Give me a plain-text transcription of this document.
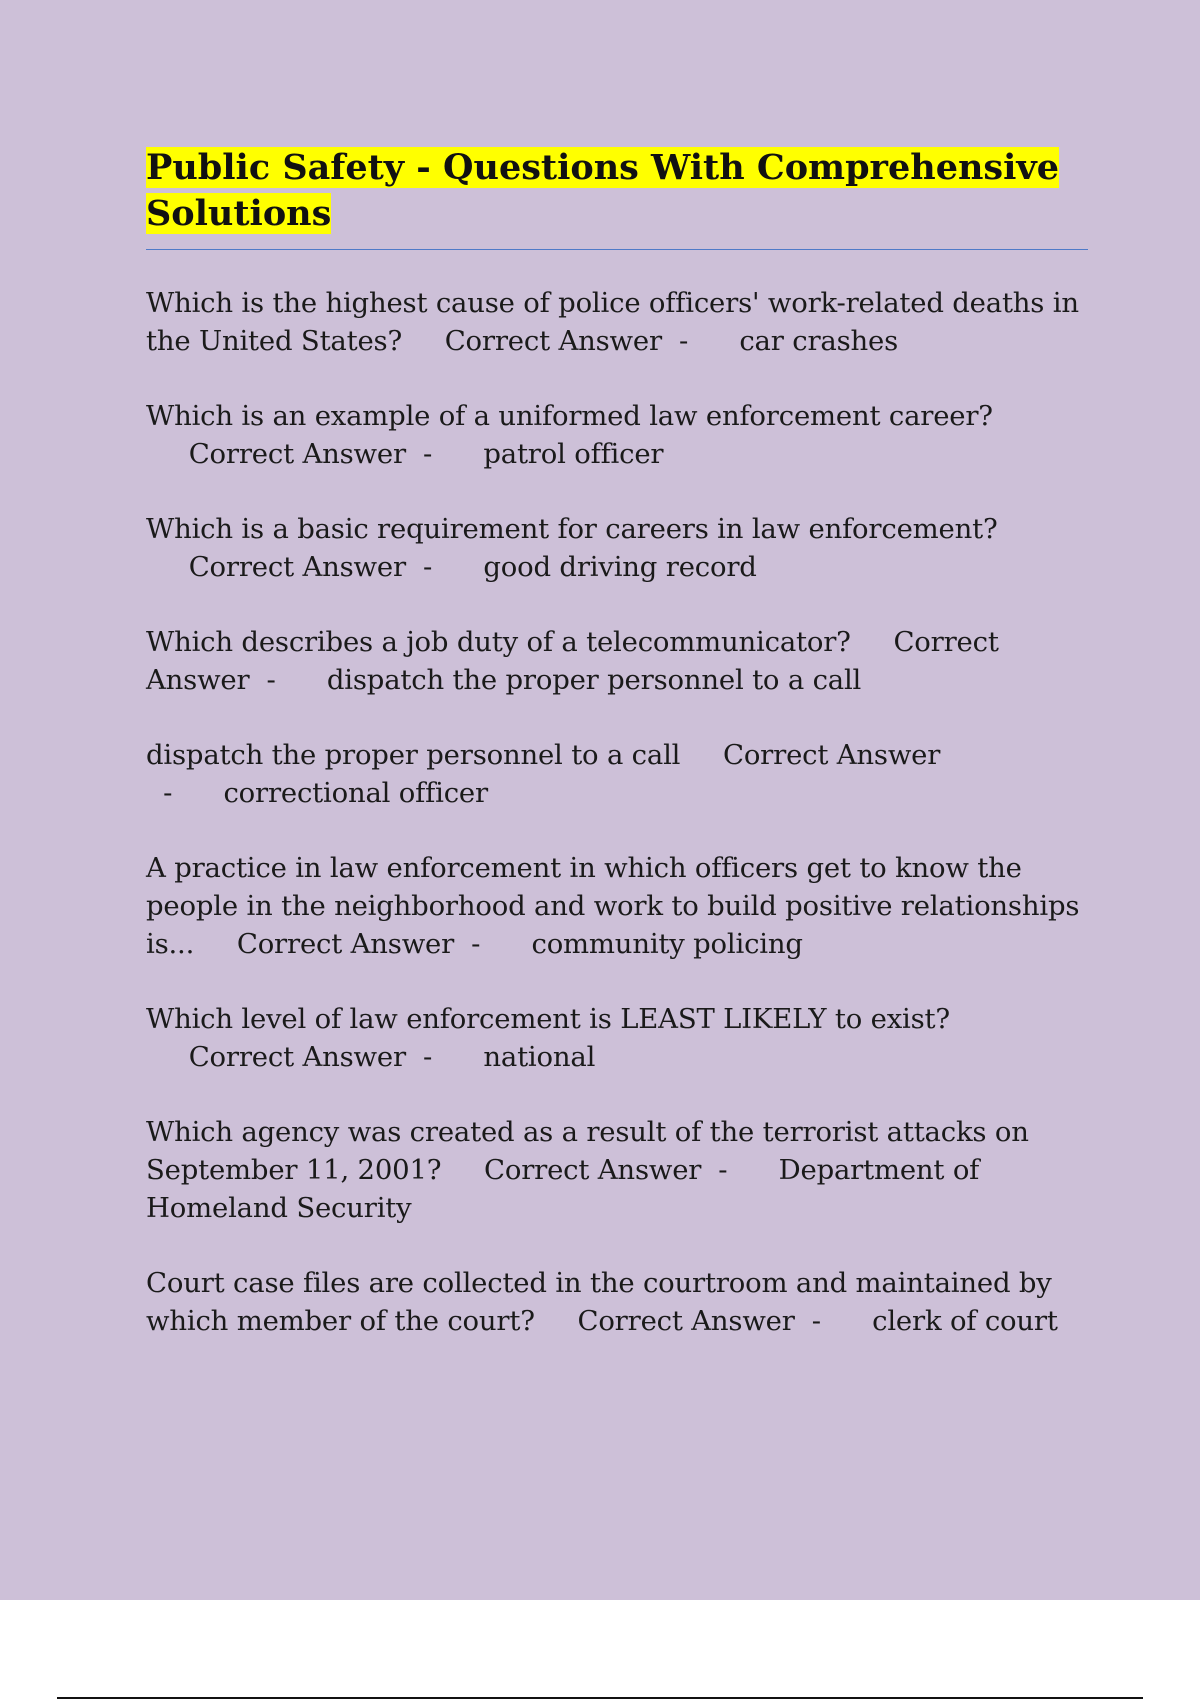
Public Safety - Questions With Comprehensive Solutions

Which is the highest cause of police officers' work-related deaths in the United States? Correct Answer  -      car crashes

Which is an example of a uniformed law enforcement career?     Correct Answer  -      patrol officer

Which is a basic requirement for careers in law enforcement?     Correct Answer  -      good driving record

Which describes a job duty of a telecommunicator? Correct Answer  -      dispatch the proper personnel to a call

dispatch the proper personnel to a call Correct Answer  -      correctional officer

A practice in law enforcement in which officers get to know the people in the neighborhood and work to build positive relationships is... Correct Answer  -      community policing

Which level of law enforcement is LEAST LIKELY to exist?     Correct Answer  -      national

Which agency was created as a result of the terrorist attacks on September 11, 2001? Correct Answer  -      Department of Homeland Security

Court case files are collected in the courtroom and maintained by which member of the court? Correct Answer  -      clerk of court
